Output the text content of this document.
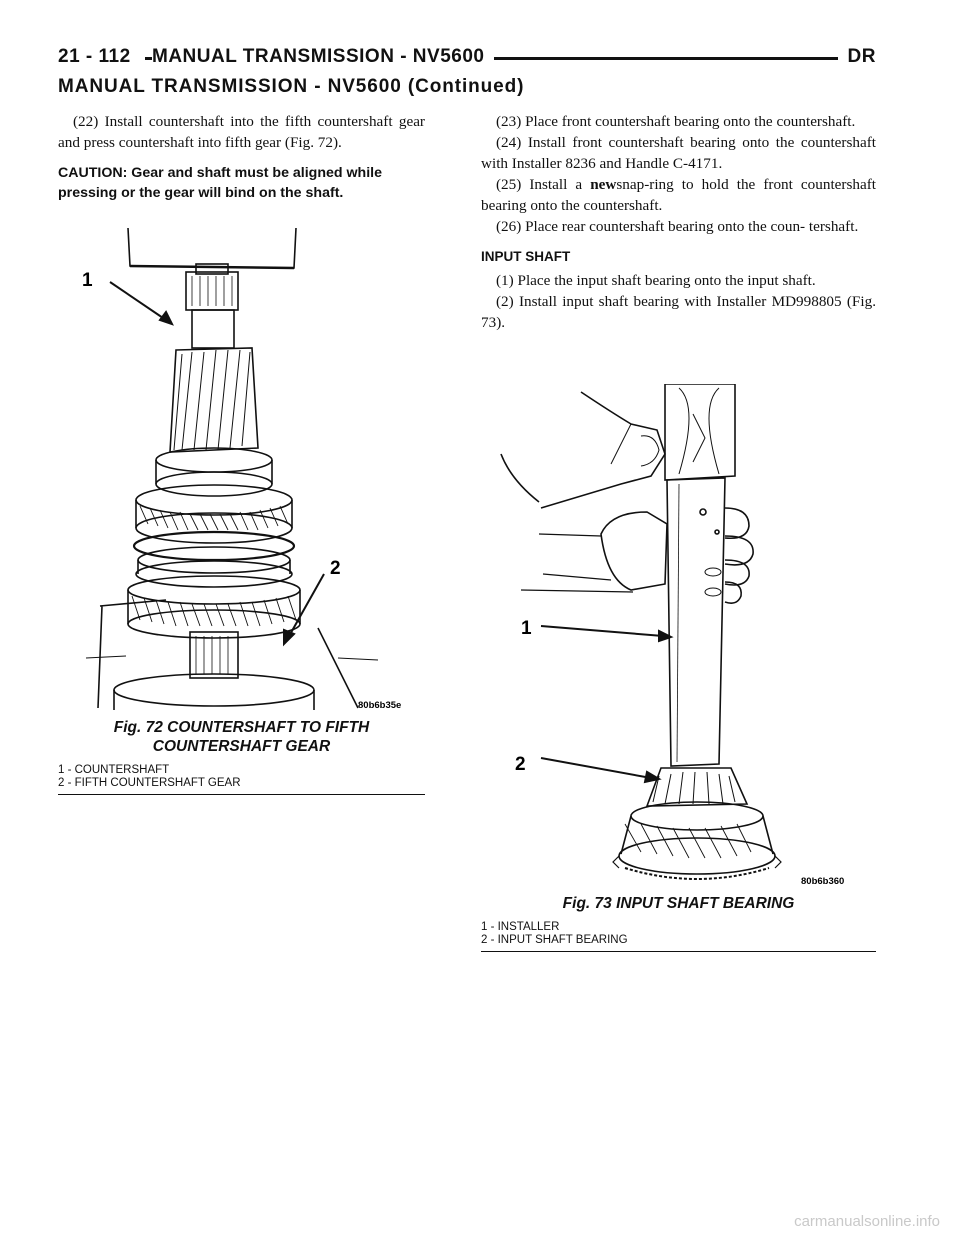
21 - 112	MANUAL TRANSMISSION - NV5600	DR
MANUAL TRANSMISSION - NV5600 (Continued)

(22) Install countershaft into the fifth countershaft gear and press countershaft into fifth gear (Fig. 72).

CAUTION: Gear and shaft must be aligned while pressing or the gear will bind on the shaft.

1
2
80b6b35e
Fig. 72 COUNTERSHAFT TO FIFTH
COUNTERSHAFT GEAR
1 - COUNTERSHAFT
2 - FIFTH COUNTERSHAFT GEAR

(23) Place front countershaft bearing onto the countershaft.

(24) Install front countershaft bearing onto the countershaft with Installer 8236 and Handle C-4171.

(25) Install a newsnap-ring to hold the front countershaft bearing onto the countershaft.

(26) Place rear countershaft bearing onto the coun- tershaft.

INPUT SHAFT

(1) Place the input shaft bearing onto the input shaft.

(2) Install input shaft bearing with Installer MD998805 (Fig. 73).

1
2
80b6b360
Fig. 73 INPUT SHAFT BEARING
1 - INSTALLER
2 - INPUT SHAFT BEARING
carmanualsonline.info
